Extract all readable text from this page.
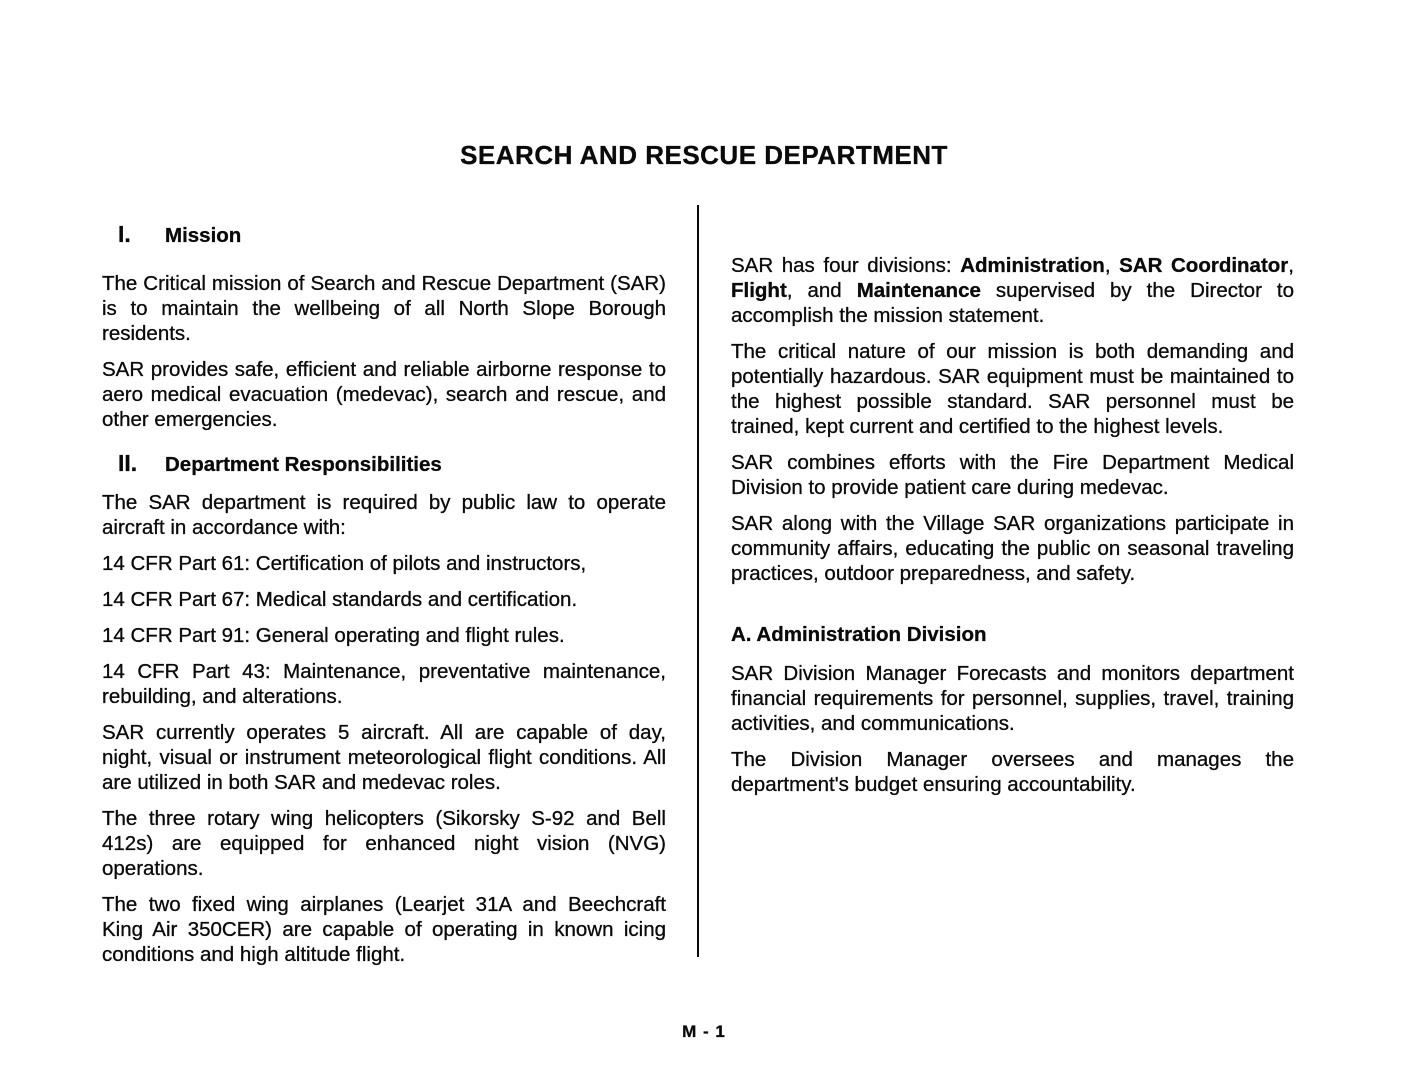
SEARCH AND RESCUE DEPARTMENT
I. Mission

The Critical mission of Search and Rescue Department (SAR) is to maintain the wellbeing of all North Slope Borough residents.

SAR provides safe, efficient and reliable airborne response to aero medical evacuation (medevac), search and rescue, and other emergencies.

II. Department Responsibilities

The SAR department is required by public law to operate aircraft in accordance with:

14 CFR Part 61: Certification of pilots and instructors,

14 CFR Part 67: Medical standards and certification.

14 CFR Part 91: General operating and flight rules.

14 CFR Part 43: Maintenance, preventative maintenance, rebuilding, and alterations.

SAR currently operates 5 aircraft. All are capable of day, night, visual or instrument meteorological flight conditions. All are utilized in both SAR and medevac roles.

The three rotary wing helicopters (Sikorsky S-92 and Bell 412s) are equipped for enhanced night vision (NVG) operations.

The two fixed wing airplanes (Learjet 31A and Beechcraft King Air 350CER) are capable of operating in known icing conditions and high altitude flight.

SAR has four divisions: Administration, SAR Coordinator, Flight, and Maintenance supervised by the Director to accomplish the mission statement.

The critical nature of our mission is both demanding and potentially hazardous. SAR equipment must be maintained to the highest possible standard. SAR personnel must be trained, kept current and certified to the highest levels.

SAR combines efforts with the Fire Department Medical Division to provide patient care during medevac.

SAR along with the Village SAR organizations participate in community affairs, educating the public on seasonal traveling practices, outdoor preparedness, and safety.

A. Administration Division

SAR Division Manager Forecasts and monitors department financial requirements for personnel, supplies, travel, training activities, and communications.

The Division Manager oversees and manages the department's budget ensuring accountability.

M - 1
